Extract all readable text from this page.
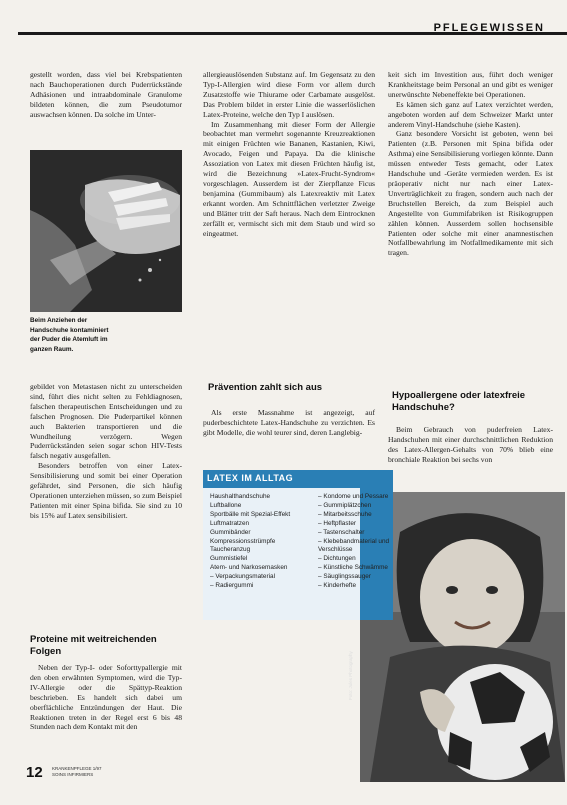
PFLEGEWISSEN

gestellt worden, dass viel bei Krebspatienten nach Bauchoperationen durch Puderrückstände Adhäsionen und intraabdominale Granulome bildeten können, die zum Pseudotumor auswachsen können. Da solche im Unter-

Beim Anziehen der Handschuhe kontaminiert der Puder die Atemluft im ganzen Raum.

gebildet von Metastasen nicht zu unterscheiden sind, führt dies nicht selten zu Fehldiagnosen, falschen therapeutischen Entscheidungen und zu falschen Prognosen. Die Puderpartikel können auch Bakterien transportieren und die Wundheilung verzögern. Wegen Puderrückständen seien sogar schon HIV-Tests falsch negativ ausgefallen.

Besonders betroffen von einer Latex-Sensibilisierung und somit bei einer Operation gefährdet, sind Personen, die sich häufig Operationen unterziehen müssen, so zum Beispiel Patienten mit einer Spina bifida. Sie sind zu 10 bis 15% auf Latex sensibilisiert.

Proteine mit weitreichenden Folgen

Neben der Typ-I- oder Soforttypallergie mit den oben erwähnten Symptomen, wird die Typ-IV-Allergie oder die Spättyp-Reaktion beschrieben. Es handelt sich dabei um oberflächliche Entzündungen der Haut. Die Reaktionen treten in der Regel erst 6 bis 48 Stunden nach dem Kontakt mit den

allergieauslösenden Substanz auf. Im Gegensatz zu den Typ-I-Allergien wird diese Form vor allem durch Zusatzstoffe wie Thiurame oder Carbamate ausgelöst. Das Problem bildet in erster Linie die wasserlöslichen Latex-Proteine, welche den Typ I auslösen.

Im Zusammenhang mit dieser Form der Allergie beobachtet man vermehrt sogenannte Kreuzreaktionen mit einigen Früchten wie Bananen, Kastanien, Kiwi, Avocado, Feigen und Papaya. Da die klinische Assoziation von Latex mit diesen Früchten häufig ist, wird die Bezeichnung »Latex-Frucht-Syndrom« vorgeschlagen. Ausserdem ist der Zierpflanze Ficus benjamina (Gummibaum) als Latexreaktiv mit Latex erkannt worden. Am Schnittflächen verletzter Zweige und Blätter tritt der Saft heraus. Nach dem Eintrocknen zerfällt er, vermischt sich mit dem Staub und wird so eingeatmet.

Prävention zahlt sich aus

Als erste Massnahme ist angezeigt, auf puderbeschichtete Latex-Handschuhe zu verzichten. Es gibt Modelle, die wohl teurer sind, deren Langlebig-

keit sich im Investition aus, führt doch weniger Krankheitstage beim Personal an und gibt es weniger unerwünschte Nebeneffekte bei Operationen.

Es kämen sich ganz auf Latex verzichtet werden, angeboten worden auf dem Schweizer Markt unter anderem Vinyl-Handschuhe (siehe Kasten).

Ganz besondere Vorsicht ist geboten, wenn bei Patienten (z.B. Personen mit Spina bifida oder Asthma) eine Sensibilisierung vorliegen könnte. Dann müssen entweder Tests gemacht, oder Latex Handschuhe und -Geräte vermieden werden. Es ist präoperativ nicht nur nach einer Latex-Unverträglichkeit zu fragen, sondern auch nach der Bruchstellen Bereich, da zum Beispiel auch Angestellte von Gummifabriken ist Risikogruppen zählen können. Ausserdem sollen hochsensible Patienten oder solche mit einer anamnestischen Notfallbewahrlung im Notfallmedikamente mit sich tragen.

Hypoallergene oder latexfreie Handschuhe?

Beim Gebrauch von puderfreien Latex-Handschuhen mit einer durchschnittlichen Reduktion des Latex-Allergen-Gehalts von 70% blieb eine bronchiale Reaktion bei sechs von

LATEX IM ALLTAG
Haushalthandschuhe
Luftballone
Sportbälle mit Spezial-Effekt
Luftmatratzen
Gummibänder
Kompressionsstrümpfe
Taucheranzug
Gummistiefel
Atem- und Narkosemasken
– Verpackungsmaterial
– Radiergummi
– Kondome und Pessare
– Gummiplätzchen
– Mitarbeitsschuhe
– Heftpflaster
– Tastenschalter
– Klebebandmaterial und Verschlüsse
– Dichtungen
– Künstliche Schwämme
– Säuglingssauger
– Kinderhefte
Foto: Jules Photography
12 KRANKENPFLEGE 1/97 SOINS INFIRMIERS
